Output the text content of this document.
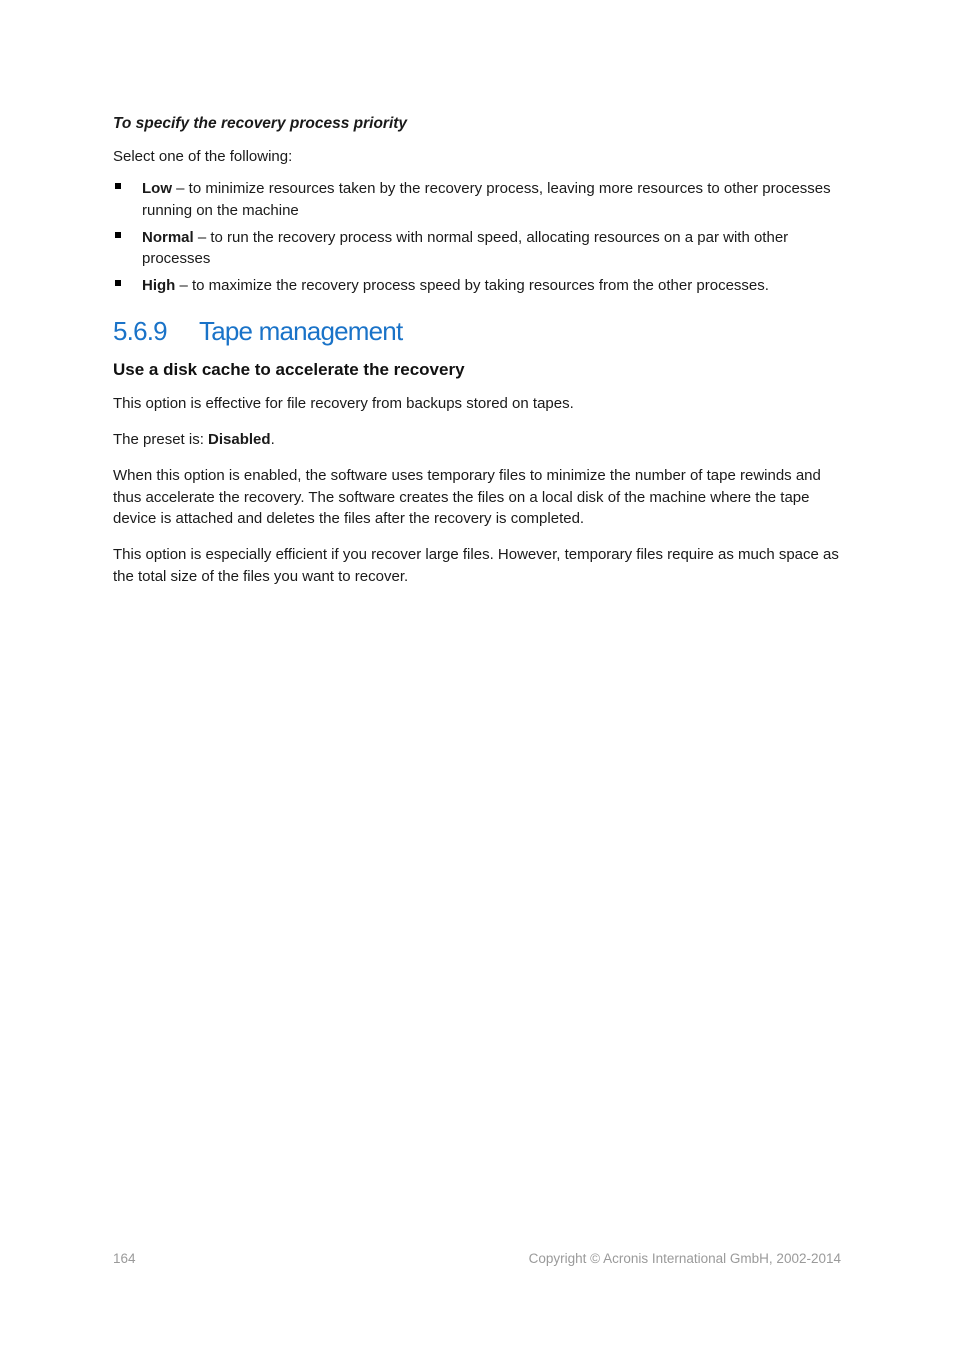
To specify the recovery process priority

Select one of the following:

Low – to minimize resources taken by the recovery process, leaving more resources to other processes running on the machine
Normal – to run the recovery process with normal speed, allocating resources on a par with other processes
High – to maximize the recovery process speed by taking resources from the other processes.
5.6.9 Tape management
Use a disk cache to accelerate the recovery

This option is effective for file recovery from backups stored on tapes.

The preset is: Disabled.

When this option is enabled, the software uses temporary files to minimize the number of tape rewinds and thus accelerate the recovery. The software creates the files on a local disk of the machine where the tape device is attached and deletes the files after the recovery is completed.

This option is especially efficient if you recover large files. However, temporary files require as much space as the total size of the files you want to recover.

164	Copyright © Acronis International GmbH, 2002-2014
